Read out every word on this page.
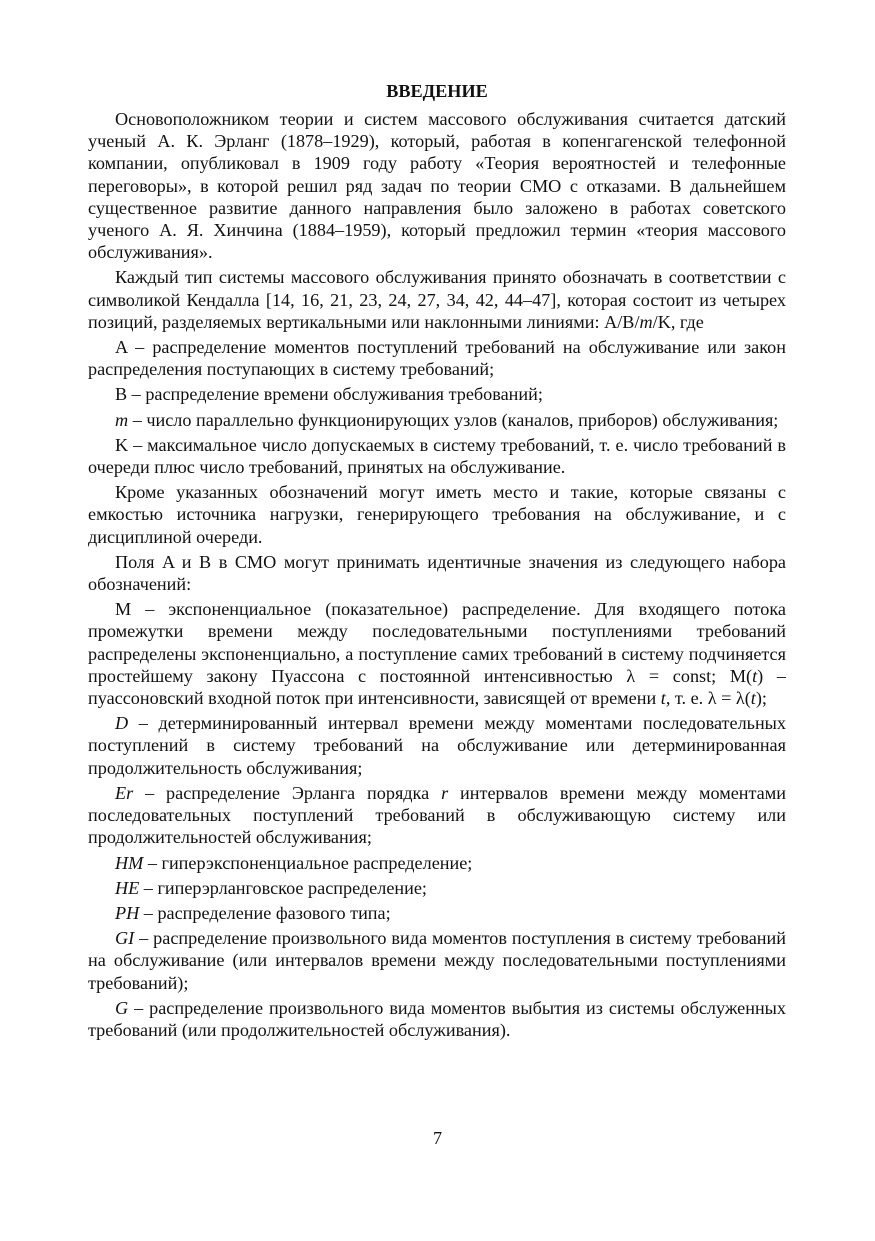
ВВЕДЕНИЕ

Основоположником теории и систем массового обслуживания считается датский ученый А. К. Эрланг (1878–1929), который, работая в копенгагенской телефонной компании, опубликовал в 1909 году работу «Теория вероятностей и телефонные переговоры», в которой решил ряд задач по теории СМО с отказами. В дальнейшем существенное развитие данного направления было заложено в работах советского ученого А. Я. Хинчина (1884–1959), который предложил термин «теория массового обслуживания».

Каждый тип системы массового обслуживания принято обозначать в соответствии с символикой Кендалла [14, 16, 21, 23, 24, 27, 34, 42, 44–47], которая состоит из четырех позиций, разделяемых вертикальными или наклонными линиями: A/B/m/K, где

A – распределение моментов поступлений требований на обслуживание или закон распределения поступающих в систему требований;

B – распределение времени обслуживания требований;

m – число параллельно функционирующих узлов (каналов, приборов) обслуживания;

K – максимальное число допускаемых в систему требований, т. е. число требований в очереди плюс число требований, принятых на обслуживание.

Кроме указанных обозначений могут иметь место и такие, которые связаны с емкостью источника нагрузки, генерирующего требования на обслуживание, и с дисциплиной очереди.

Поля A и B в СМО могут принимать идентичные значения из следующего набора обозначений:

M – экспоненциальное (показательное) распределение. Для входящего потока промежутки времени между последовательными поступлениями требований распределены экспоненциально, а поступление самих требований в систему подчиняется простейшему закону Пуассона с постоянной интенсивностью λ = const; M(t) – пуассоновский входной поток при интенсивности, зависящей от времени t, т. е. λ = λ(t);

D – детерминированный интервал времени между моментами последовательных поступлений в систему требований на обслуживание или детерминированная продолжительность обслуживания;

Er – распределение Эрланга порядка r интервалов времени между моментами последовательных поступлений требований в обслуживающую систему или продолжительностей обслуживания;

HM – гиперэкспоненциальное распределение;

HE – гиперэрланговское распределение;

PH – распределение фазового типа;

GI – распределение произвольного вида моментов поступления в систему требований на обслуживание (или интервалов времени между последовательными поступлениями требований);

G – распределение произвольного вида моментов выбытия из системы обслуженных требований (или продолжительностей обслуживания).

7
